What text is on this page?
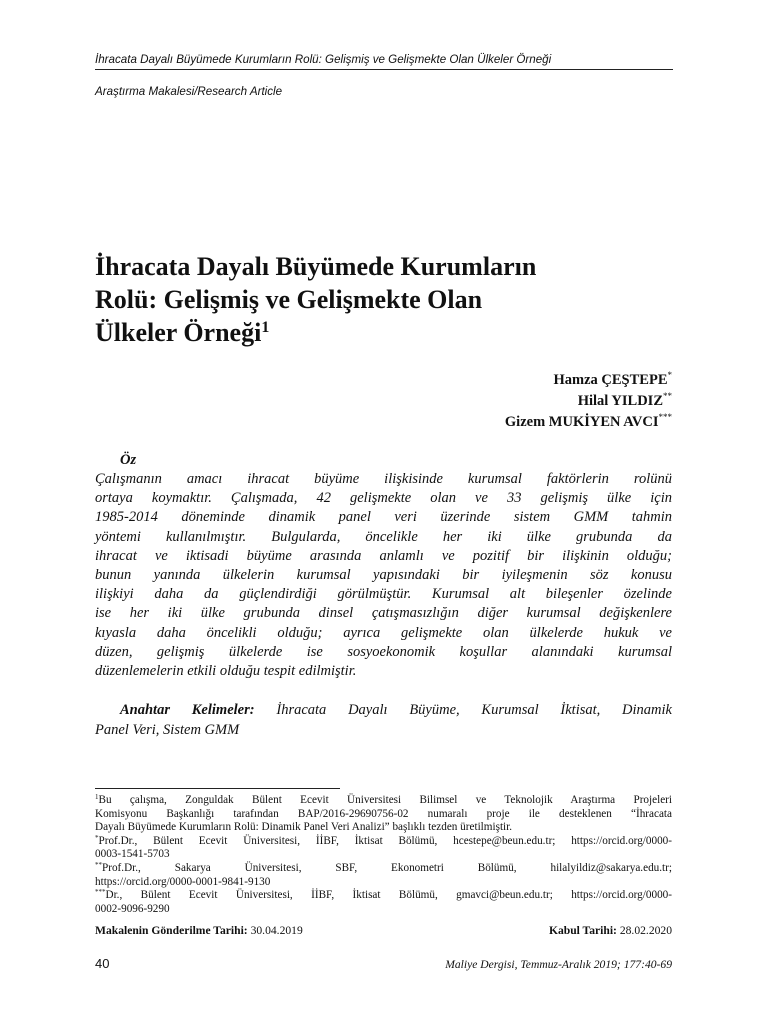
İhracata Dayalı Büyümede Kurumların Rolü: Gelişmiş ve Gelişmekte Olan Ülkeler Örneği
Araştırma Makalesi/Research Article
İhracata Dayalı Büyümede Kurumların
Rolü: Gelişmiş ve Gelişmekte Olan
Ülkeler Örneği$^1$
Hamza ÇEŞTEPE*
Hilal YILDIZ**
Gizem MUKİYEN AVCI***
Öz
Çalışmanın amacı ihracat büyüme ilişkisinde kurumsal faktörlerin rolünü
ortaya koymaktır. Çalışmada, 42 gelişmekte olan ve 33 gelişmiş ülke için
1985-2014 döneminde dinamik panel veri üzerinde sistem GMM tahmin
yöntemi kullanılmıştır. Bulgularda, öncelikle her iki ülke grubunda da
ihracat ve iktisadi büyüme arasında anlamlı ve pozitif bir ilişkinin olduğu;
bunun yanında ülkelerin kurumsal yapısındaki bir iyileşmenin söz konusu
ilişkiyi daha da güçlendirdiği görülmüştür. Kurumsal alt bileşenler özelinde
ise her iki ülke grubunda dinsel çatışmasızlığın diğer kurumsal değişkenlere
kıyasla daha öncelikli olduğu; ayrıca gelişmekte olan ülkelerde hukuk ve
düzen, gelişmiş ülkelerde ise sosyoekonomik koşullar alanındaki kurumsal
düzenlemelerin etkili olduğu tespit edilmiştir.
Anahtar Kelimeler: İhracata Dayalı Büyüme, Kurumsal İktisat, Dinamik
Panel Veri, Sistem GMM
$^1$Bu çalışma, Zonguldak Bülent Ecevit Üniversitesi Bilimsel ve Teknolojik Araştırma Projeleri
Komisyonu Başkanlığı tarafından BAP/2016-29690756-02 numaralı proje ile desteklenen “İhracata
Dayalı Büyümede Kurumların Rolü: Dinamik Panel Veri Analizi” başlıklı tezden üretilmiştir.
*Prof.Dr., Bülent Ecevit Üniversitesi, İİBF, İktisat Bölümü, hcestepe@beun.edu.tr; https://orcid.org/0000-
0003-1541-5703
**Prof.Dr., Sakarya Üniversitesi, SBF, Ekonometri Bölümü, hilalyildiz@sakarya.edu.tr;
https://orcid.org/0000-0001-9841-9130
***Dr., Bülent Ecevit Üniversitesi, İİBF, İktisat Bölümü, gmavci@beun.edu.tr; https://orcid.org/0000-
0002-9096-9290
Makalenin Gönderilme Tarihi: 30.04.2019	Kabul Tarihi: 28.02.2020
40	Maliye Dergisi, Temmuz-Aralık 2019; 177:40-69
